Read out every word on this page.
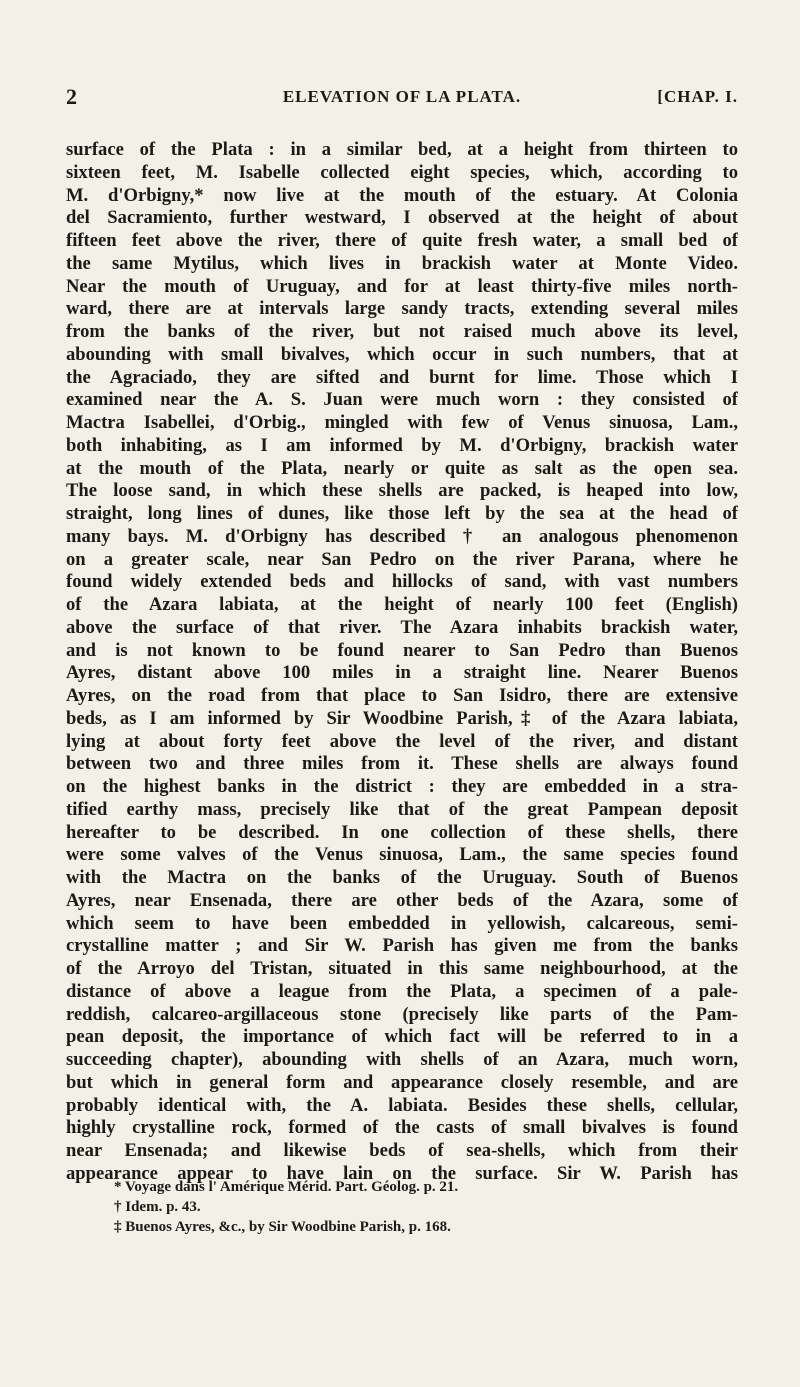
2	ELEVATION OF LA PLATA.	[CHAP. I.
surface of the Plata : in a similar bed, at a height from thirteen to
sixteen feet, M. Isabelle collected eight species, which, according to
M. d'Orbigny,* now live at the mouth of the estuary. At Colonia
del Sacramiento, further westward, I observed at the height of about
fifteen feet above the river, there of quite fresh water, a small bed of
the same Mytilus, which lives in brackish water at Monte Video.
Near the mouth of Uruguay, and for at least thirty-five miles north-
ward, there are at intervals large sandy tracts, extending several miles
from the banks of the river, but not raised much above its level,
abounding with small bivalves, which occur in such numbers, that at
the Agraciado, they are sifted and burnt for lime. Those which I
examined near the A. S. Juan were much worn : they consisted of
Mactra Isabellei, d'Orbig., mingled with few of Venus sinuosa, Lam.,
both inhabiting, as I am informed by M. d'Orbigny, brackish water
at the mouth of the Plata, nearly or quite as salt as the open sea.
The loose sand, in which these shells are packed, is heaped into low,
straight, long lines of dunes, like those left by the sea at the head of
many bays. M. d'Orbigny has described † an analogous phenomenon
on a greater scale, near San Pedro on the river Parana, where he
found widely extended beds and hillocks of sand, with vast numbers
of the Azara labiata, at the height of nearly 100 feet (English)
above the surface of that river. The Azara inhabits brackish water,
and is not known to be found nearer to San Pedro than Buenos
Ayres, distant above 100 miles in a straight line. Nearer Buenos
Ayres, on the road from that place to San Isidro, there are extensive
beds, as I am informed by Sir Woodbine Parish,‡ of the Azara labiata,
lying at about forty feet above the level of the river, and distant
between two and three miles from it. These shells are always found
on the highest banks in the district : they are embedded in a stra-
tified earthy mass, precisely like that of the great Pampean deposit
hereafter to be described. In one collection of these shells, there
were some valves of the Venus sinuosa, Lam., the same species found
with the Mactra on the banks of the Uruguay. South of Buenos
Ayres, near Ensenada, there are other beds of the Azara, some of
which seem to have been embedded in yellowish, calcareous, semi-
crystalline matter ; and Sir W. Parish has given me from the banks
of the Arroyo del Tristan, situated in this same neighbourhood, at the
distance of above a league from the Plata, a specimen of a pale-
reddish, calcareo-argillaceous stone (precisely like parts of the Pam-
pean deposit, the importance of which fact will be referred to in a
succeeding chapter), abounding with shells of an Azara, much worn,
but which in general form and appearance closely resemble, and are
probably identical with, the A. labiata. Besides these shells, cellular,
highly crystalline rock, formed of the casts of small bivalves is found
near Ensenada; and likewise beds of sea-shells, which from their
appearance appear to have lain on the surface. Sir W. Parish has
* Voyage dans l' Amérique Mérid. Part. Géolog. p. 21.
† Idem. p. 43.
‡ Buenos Ayres, &c., by Sir Woodbine Parish, p. 168.
